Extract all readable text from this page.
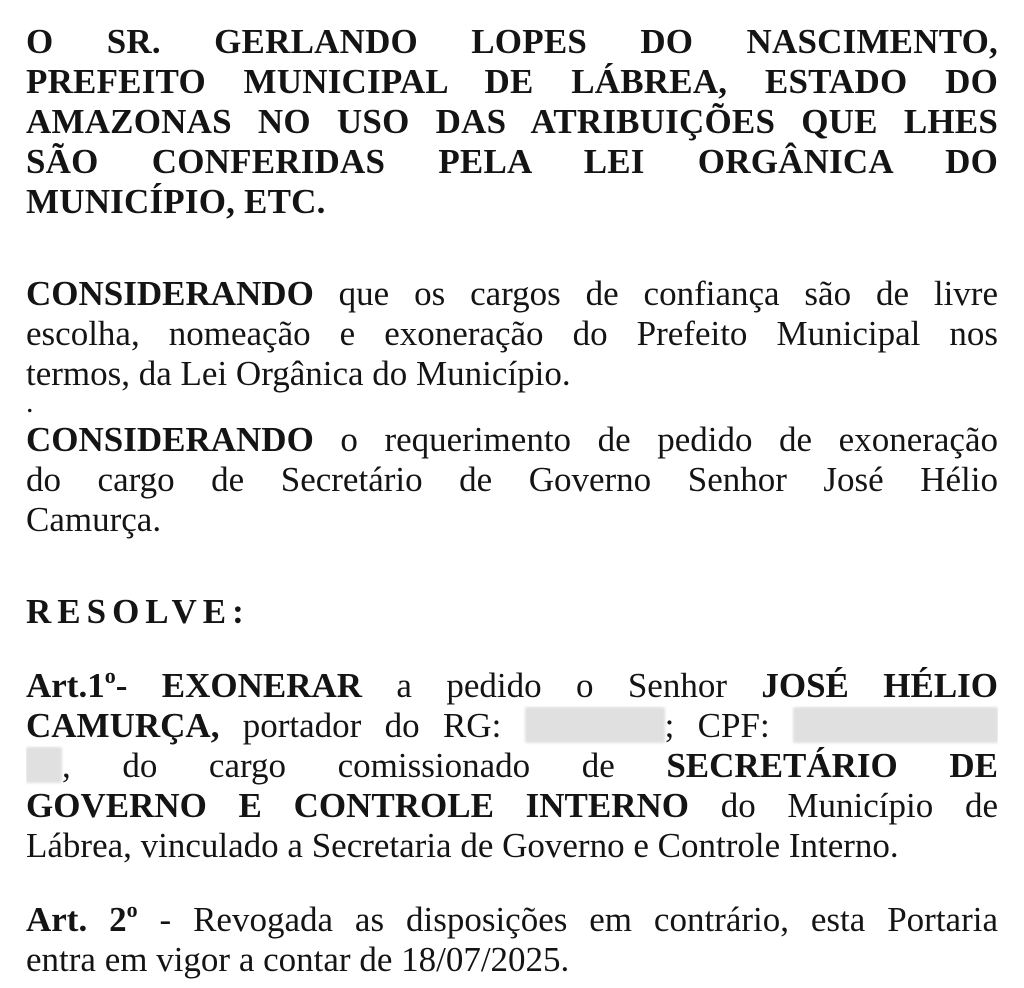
O SR. GERLANDO LOPES DO NASCIMENTO,
PREFEITO MUNICIPAL DE LÁBREA, ESTADO DO
AMAZONAS NO USO DAS ATRIBUIÇÕES QUE LHES
SÃO CONFERIDAS PELA LEI ORGÂNICA DO
MUNICÍPIO, ETC.
CONSIDERANDO que os cargos de confiança são de livre
escolha, nomeação e exoneração do Prefeito Municipal nos
termos, da Lei Orgânica do Município.
.
CONSIDERANDO o requerimento de pedido de exoneração
do cargo de Secretário de Governo Senhor José Hélio
Camurça.
RESOLVE:
Art.1$^o$- EXONERAR a pedido o Senhor JOSÉ HÉLIO
CAMURÇA, portador do RG:	; CPF:
, do cargo comissionado de SECRETÁRIO DE
GOVERNO E CONTROLE INTERNO do Município de
Lábrea, vinculado a Secretaria de Governo e Controle Interno.
Art. 2$^o$ - Revogada as disposições em contrário, esta Portaria
entra em vigor a contar de 18/07/2025.
